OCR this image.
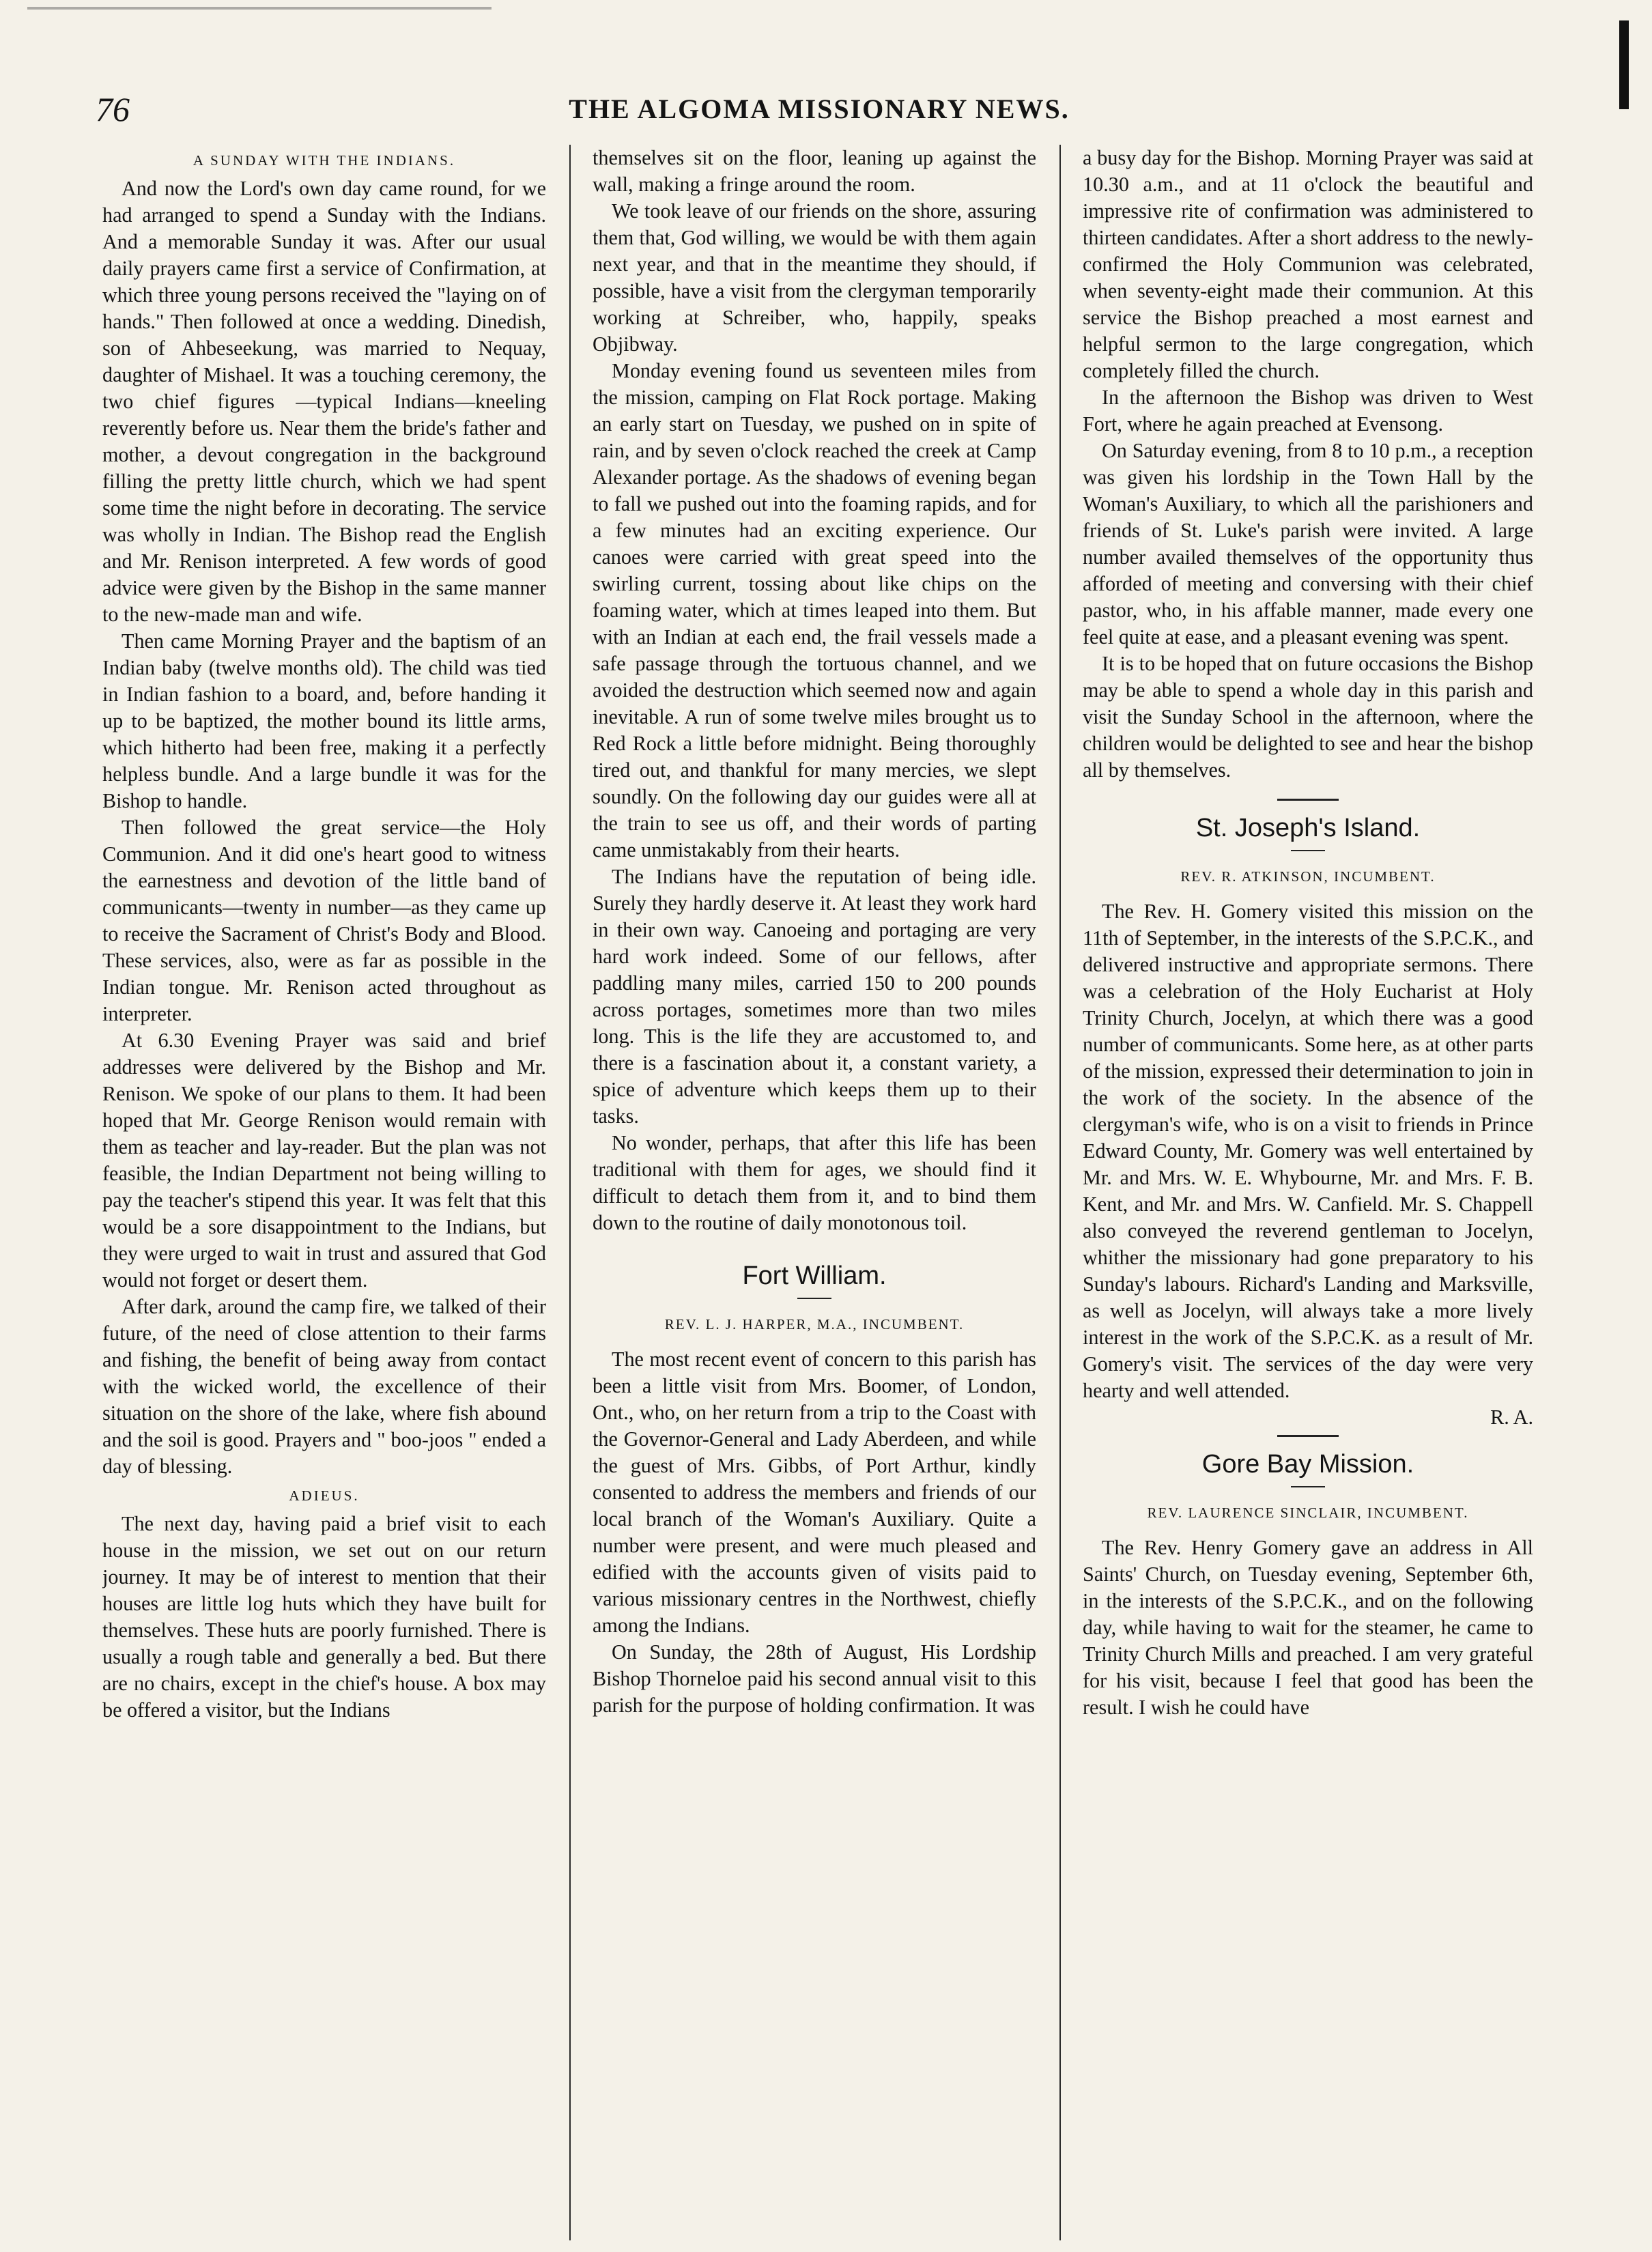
76	THE ALGOMA MISSIONARY NEWS.

A SUNDAY WITH THE INDIANS.

And now the Lord's own day came round, for we had arranged to spend a Sunday with the Indians. And a memorable Sunday it was. After our usual daily prayers came first a service of Confirmation, at which three young persons received the "laying on of hands." Then followed at once a wedding. Dinedish, son of Ahbeseekung, was married to Nequay, daughter of Mishael. It was a touching ceremony, the two chief figures —typical Indians—kneeling reverently before us. Near them the bride's father and mother, a devout congregation in the background filling the pretty little church, which we had spent some time the night before in decorating. The service was wholly in Indian. The Bishop read the English and Mr. Renison interpreted. A few words of good advice were given by the Bishop in the same manner to the new-made man and wife.

Then came Morning Prayer and the baptism of an Indian baby (twelve months old). The child was tied in Indian fashion to a board, and, before handing it up to be baptized, the mother bound its little arms, which hitherto had been free, making it a perfectly helpless bundle. And a large bundle it was for the Bishop to handle.

Then followed the great service—the Holy Communion. And it did one's heart good to witness the earnestness and devotion of the little band of communicants—twenty in number—as they came up to receive the Sacrament of Christ's Body and Blood. These services, also, were as far as possible in the Indian tongue. Mr. Renison acted throughout as interpreter.

At 6.30 Evening Prayer was said and brief addresses were delivered by the Bishop and Mr. Renison. We spoke of our plans to them. It had been hoped that Mr. George Renison would remain with them as teacher and lay-reader. But the plan was not feasible, the Indian Department not being willing to pay the teacher's stipend this year. It was felt that this would be a sore disappointment to the Indians, but they were urged to wait in trust and assured that God would not forget or desert them.

After dark, around the camp fire, we talked of their future, of the need of close attention to their farms and fishing, the benefit of being away from contact with the wicked world, the excellence of their situation on the shore of the lake, where fish abound and the soil is good. Prayers and " boo-joos " ended a day of blessing.

ADIEUS.

The next day, having paid a brief visit to each house in the mission, we set out on our return journey. It may be of interest to mention that their houses are little log huts which they have built for themselves. These huts are poorly furnished. There is usually a rough table and generally a bed. But there are no chairs, except in the chief's house. A box may be offered a visitor, but the Indians

themselves sit on the floor, leaning up against the wall, making a fringe around the room.

We took leave of our friends on the shore, assuring them that, God willing, we would be with them again next year, and that in the meantime they should, if possible, have a visit from the clergyman temporarily working at Schreiber, who, happily, speaks Objibway.

Monday evening found us seventeen miles from the mission, camping on Flat Rock portage. Making an early start on Tuesday, we pushed on in spite of rain, and by seven o'clock reached the creek at Camp Alexander portage. As the shadows of evening began to fall we pushed out into the foaming rapids, and for a few minutes had an exciting experience. Our canoes were carried with great speed into the swirling current, tossing about like chips on the foaming water, which at times leaped into them. But with an Indian at each end, the frail vessels made a safe passage through the tortuous channel, and we avoided the destruction which seemed now and again inevitable. A run of some twelve miles brought us to Red Rock a little before midnight. Being thoroughly tired out, and thankful for many mercies, we slept soundly. On the following day our guides were all at the train to see us off, and their words of parting came unmistakably from their hearts.

The Indians have the reputation of being idle. Surely they hardly deserve it. At least they work hard in their own way. Canoeing and portaging are very hard work indeed. Some of our fellows, after paddling many miles, carried 150 to 200 pounds across portages, sometimes more than two miles long. This is the life they are accustomed to, and there is a fascination about it, a constant variety, a spice of adventure which keeps them up to their tasks.

No wonder, perhaps, that after this life has been traditional with them for ages, we should find it difficult to detach them from it, and to bind them down to the routine of daily monotonous toil.

Fort William.

REV. L. J. HARPER, M.A., INCUMBENT.

The most recent event of concern to this parish has been a little visit from Mrs. Boomer, of London, Ont., who, on her return from a trip to the Coast with the Governor-General and Lady Aberdeen, and while the guest of Mrs. Gibbs, of Port Arthur, kindly consented to address the members and friends of our local branch of the Woman's Auxiliary. Quite a number were present, and were much pleased and edified with the accounts given of visits paid to various missionary centres in the Northwest, chiefly among the Indians.

On Sunday, the 28th of August, His Lordship Bishop Thorneloe paid his second annual visit to this parish for the purpose of holding confirmation. It was

a busy day for the Bishop. Morning Prayer was said at 10.30 a.m., and at 11 o'clock the beautiful and impressive rite of confirmation was administered to thirteen candidates. After a short address to the newly-confirmed the Holy Communion was celebrated, when seventy-eight made their communion. At this service the Bishop preached a most earnest and helpful sermon to the large congregation, which completely filled the church.

In the afternoon the Bishop was driven to West Fort, where he again preached at Evensong.

On Saturday evening, from 8 to 10 p.m., a reception was given his lordship in the Town Hall by the Woman's Auxiliary, to which all the parishioners and friends of St. Luke's parish were invited. A large number availed themselves of the opportunity thus afforded of meeting and conversing with their chief pastor, who, in his affable manner, made every one feel quite at ease, and a pleasant evening was spent.

It is to be hoped that on future occasions the Bishop may be able to spend a whole day in this parish and visit the Sunday School in the afternoon, where the children would be delighted to see and hear the bishop all by themselves.

St. Joseph's Island.

REV. R. ATKINSON, INCUMBENT.

The Rev. H. Gomery visited this mission on the 11th of September, in the interests of the S.P.C.K., and delivered instructive and appropriate sermons. There was a celebration of the Holy Eucharist at Holy Trinity Church, Jocelyn, at which there was a good number of communicants. Some here, as at other parts of the mission, expressed their determination to join in the work of the society. In the absence of the clergyman's wife, who is on a visit to friends in Prince Edward County, Mr. Gomery was well entertained by Mr. and Mrs. W. E. Whybourne, Mr. and Mrs. F. B. Kent, and Mr. and Mrs. W. Canfield. Mr. S. Chappell also conveyed the reverend gentleman to Jocelyn, whither the missionary had gone preparatory to his Sunday's labours. Richard's Landing and Marksville, as well as Jocelyn, will always take a more lively interest in the work of the S.P.C.K. as a result of Mr. Gomery's visit. The services of the day were very hearty and well attended.

R. A.

Gore Bay Mission.

REV. LAURENCE SINCLAIR, INCUMBENT.

The Rev. Henry Gomery gave an address in All Saints' Church, on Tuesday evening, September 6th, in the interests of the S.P.C.K., and on the following day, while having to wait for the steamer, he came to Trinity Church Mills and preached. I am very grateful for his visit, because I feel that good has been the result. I wish he could have
